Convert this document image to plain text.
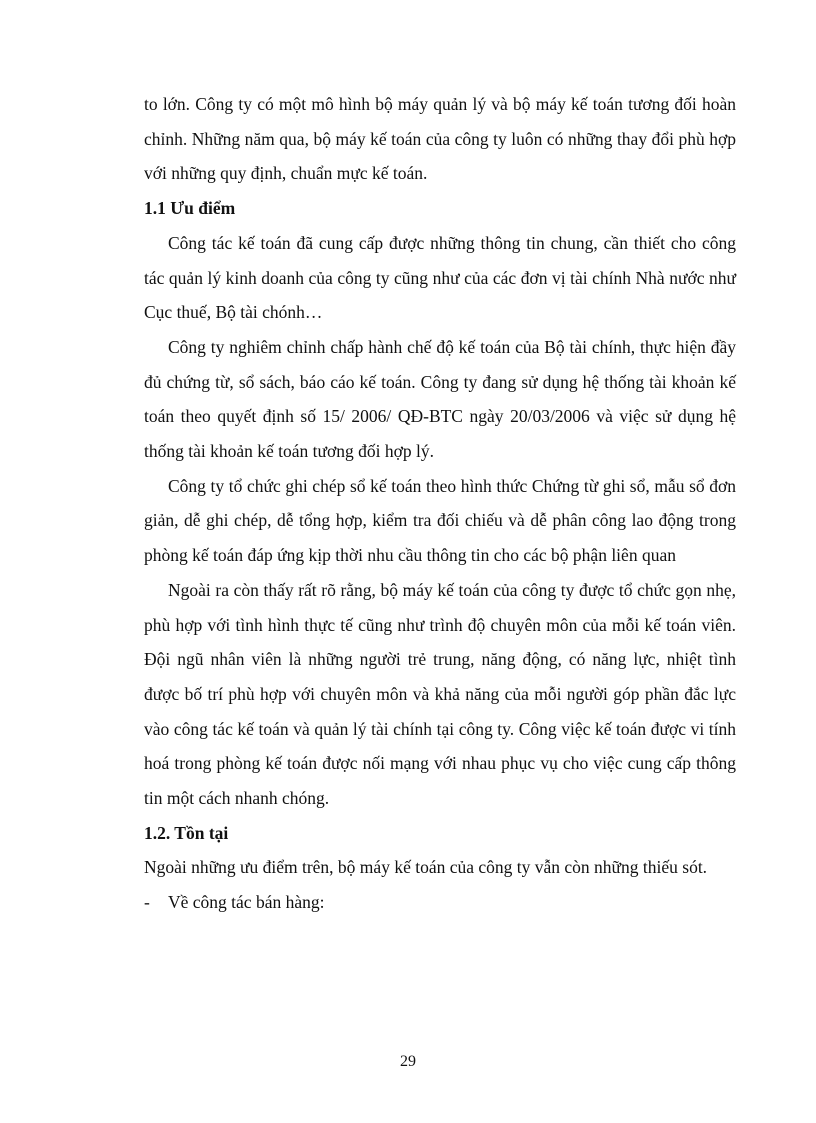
to lớn. Công ty có một mô hình bộ máy quản lý và bộ máy kế toán tương đối hoàn chỉnh. Những năm qua, bộ máy kế toán của công ty luôn có những thay đổi phù hợp với những quy định, chuẩn mực kế toán.

1.1 Ưu điểm

Công tác kế toán đã cung cấp được những thông tin chung, cần thiết cho công tác quản lý kinh doanh của công ty cũng như của các đơn vị tài chính Nhà nước như Cục thuế, Bộ tài chónh…

Công ty nghiêm chỉnh chấp hành chế độ kế toán của Bộ tài chính, thực hiện đầy đủ chứng từ, sổ sách, báo cáo kế toán. Công ty đang sử dụng hệ thống tài khoản kế toán theo quyết định số 15/ 2006/ QĐ-BTC ngày 20/03/2006 và việc sử dụng hệ thống tài khoản kế toán tương đối hợp lý.

Công ty tổ chức ghi chép sổ kế toán theo hình thức Chứng từ ghi sổ, mẫu sổ đơn giản, dễ ghi chép, dễ tổng hợp, kiểm tra đối chiếu và dễ phân công lao động trong phòng kế toán đáp ứng kịp thời nhu cầu thông tin cho các bộ phận liên quan

Ngoài ra còn thấy rất rõ rằng, bộ máy kế toán của công ty được tổ chức gọn nhẹ, phù hợp với tình hình thực tế cũng như trình độ chuyên môn của mỗi kế toán viên. Đội ngũ nhân viên là những người trẻ trung, năng động, có năng lực, nhiệt tình được bố trí phù hợp với chuyên môn và khả năng của mỗi người góp phần đắc lực vào công tác kế toán và quản lý tài chính tại công ty. Công việc kế toán được vi tính hoá trong phòng kế toán được nối mạng với nhau phục vụ cho việc cung cấp thông tin một cách nhanh chóng.

1.2. Tồn tại

Ngoài những ưu điểm trên, bộ máy kế toán của công ty vẫn còn những thiếu sót.

-	Về công tác bán hàng:

29
